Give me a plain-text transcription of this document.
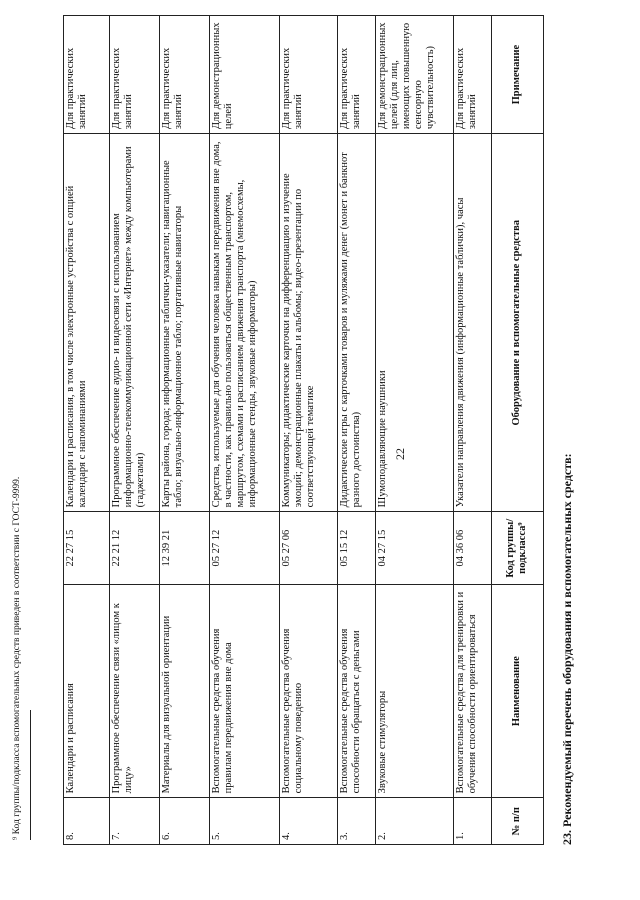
22	23. Рекомендуемый перечень оборудования и вспомогательных средств:
№ п/п	Наименование	Код группы/подкласса⁹	Оборудование и вспомогательные средства	Примечание
1.	Вспомогательные средства для тренировки и обучения способности ориентироваться	04 36 06	Указатели направления движения (информационные таблички), часы	Для практических занятий
2.	Звуковые стимуляторы	04 27 15	Шумоподавляющие наушники	Для демонстрационных целей (для лиц, имеющих повышенную сенсорную чувствительность)
3.	Вспомогательные средства обучения способности обращаться с деньгами	05 15 12	Дидактические игры с карточками товаров и муляжами денег (монет и банкнот разного достоинства)	Для практических занятий
4.	Вспомогательные средства обучения социальному поведению	05 27 06	Коммуникаторы; дидактические карточки на дифференциацию и изучение эмоций; демонстрационные плакаты и альбомы; видео-презентации по соответствующей тематике	Для практических занятий
5.	Вспомогательные средства обучения правилам передвижения вне дома	05 27 12	Средства, используемые для обучения человека навыкам передвижения вне дома, в частности, как правильно пользоваться общественным транспортом, маршрутом, схемами и расписанием движения транспорта (мнемосхемы, информационные стенды, звуковые информаторы)	Для демонстрационных целей
6.	Материалы для визуальной ориентации	12 39 21	Карты района, города; информационные таблички-указатели; навигационные табло; визуально-информационное табло; портативные навигаторы	Для практических занятий
7.	Программное обеспечение связи «лицом к лицу»	22 21 12	Программное обеспечение аудио- и видеосвязи с использованием информационно-телекоммуникационной сети «Интернет» между компьютерами (гаджетами)	Для практических занятий
8.	Календари и расписания	22 27 15	Календари и расписания, в том числе электронные устройства с опцией календаря с напоминаниями	Для практических занятий
⁹ Код группы/подкласса вспомогательных средств приведен в соответствии с ГОСТ-9999.
